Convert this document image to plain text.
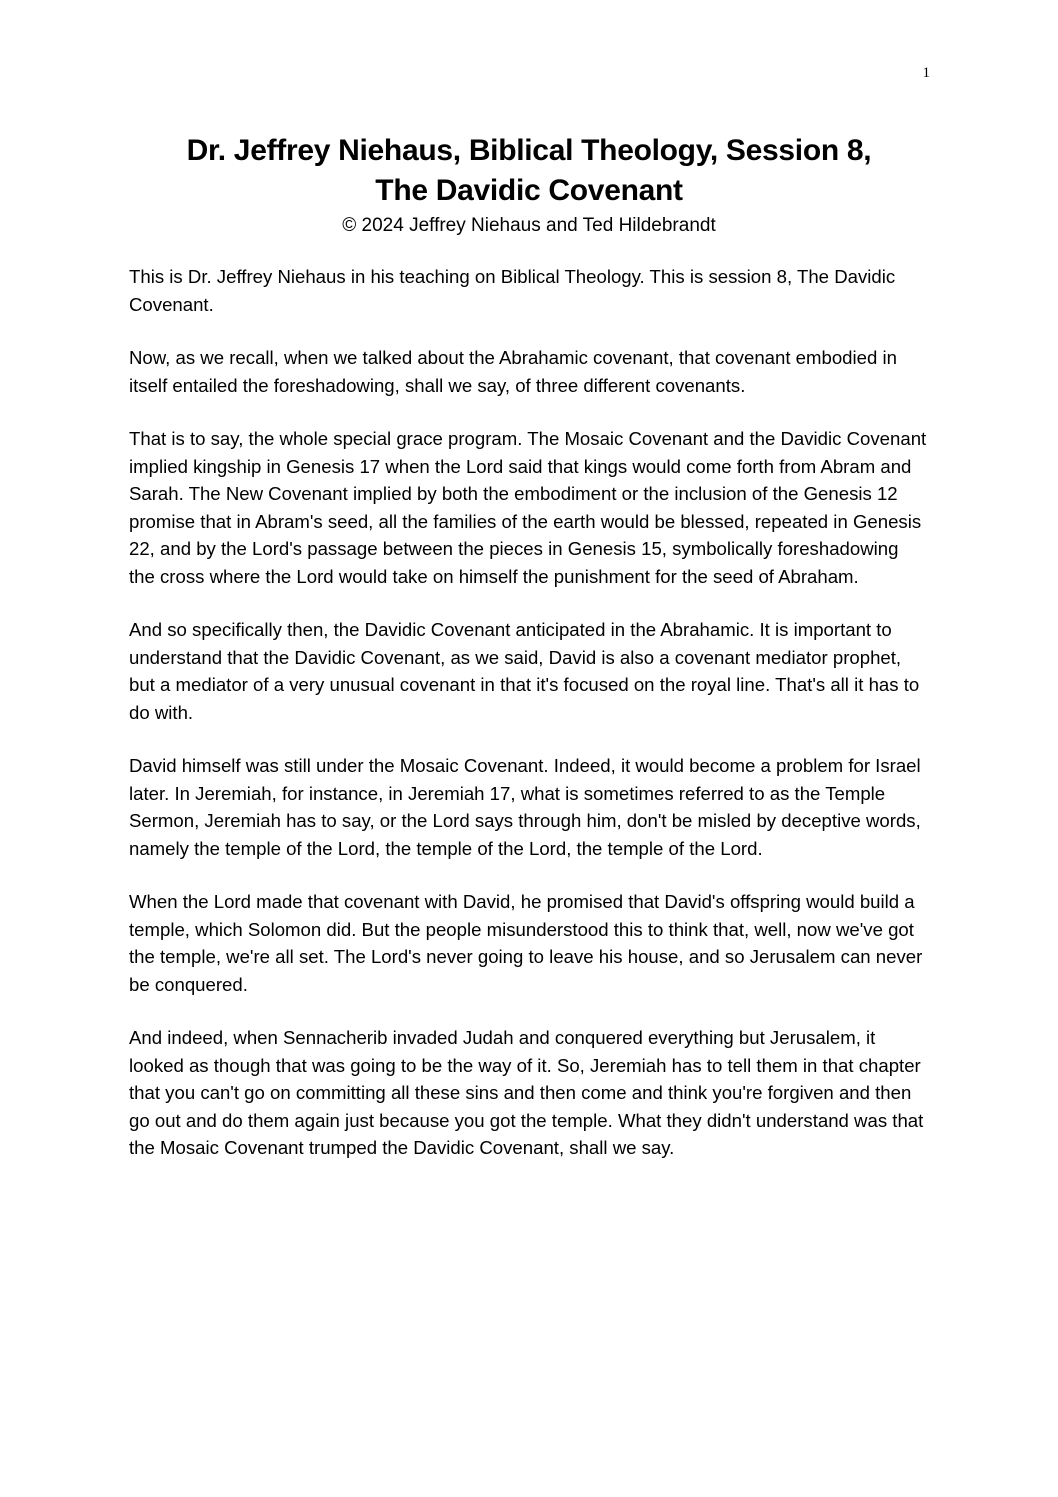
1
Dr. Jeffrey Niehaus, Biblical Theology, Session 8,
The Davidic Covenant

© 2024 Jeffrey Niehaus and Ted Hildebrandt

This is Dr. Jeffrey Niehaus in his teaching on Biblical Theology. This is session 8, The Davidic Covenant.

Now, as we recall, when we talked about the Abrahamic covenant, that covenant embodied in itself entailed the foreshadowing, shall we say, of three different covenants.

That is to say, the whole special grace program. The Mosaic Covenant and the Davidic Covenant implied kingship in Genesis 17 when the Lord said that kings would come forth from Abram and Sarah. The New Covenant implied by both the embodiment or the inclusion of the Genesis 12 promise that in Abram's seed, all the families of the earth would be blessed, repeated in Genesis 22, and by the Lord's passage between the pieces in Genesis 15, symbolically foreshadowing the cross where the Lord would take on himself the punishment for the seed of Abraham.

And so specifically then, the Davidic Covenant anticipated in the Abrahamic. It is important to understand that the Davidic Covenant, as we said, David is also a covenant mediator prophet, but a mediator of a very unusual covenant in that it's focused on the royal line. That's all it has to do with.

David himself was still under the Mosaic Covenant. Indeed, it would become a problem for Israel later. In Jeremiah, for instance, in Jeremiah 17, what is sometimes referred to as the Temple Sermon, Jeremiah has to say, or the Lord says through him, don't be misled by deceptive words, namely the temple of the Lord, the temple of the Lord, the temple of the Lord.

When the Lord made that covenant with David, he promised that David's offspring would build a temple, which Solomon did. But the people misunderstood this to think that, well, now we've got the temple, we're all set. The Lord's never going to leave his house, and so Jerusalem can never be conquered.

And indeed, when Sennacherib invaded Judah and conquered everything but Jerusalem, it looked as though that was going to be the way of it. So, Jeremiah has to tell them in that chapter that you can't go on committing all these sins and then come and think you're forgiven and then go out and do them again just because you got the temple. What they didn't understand was that the Mosaic Covenant trumped the Davidic Covenant, shall we say.
